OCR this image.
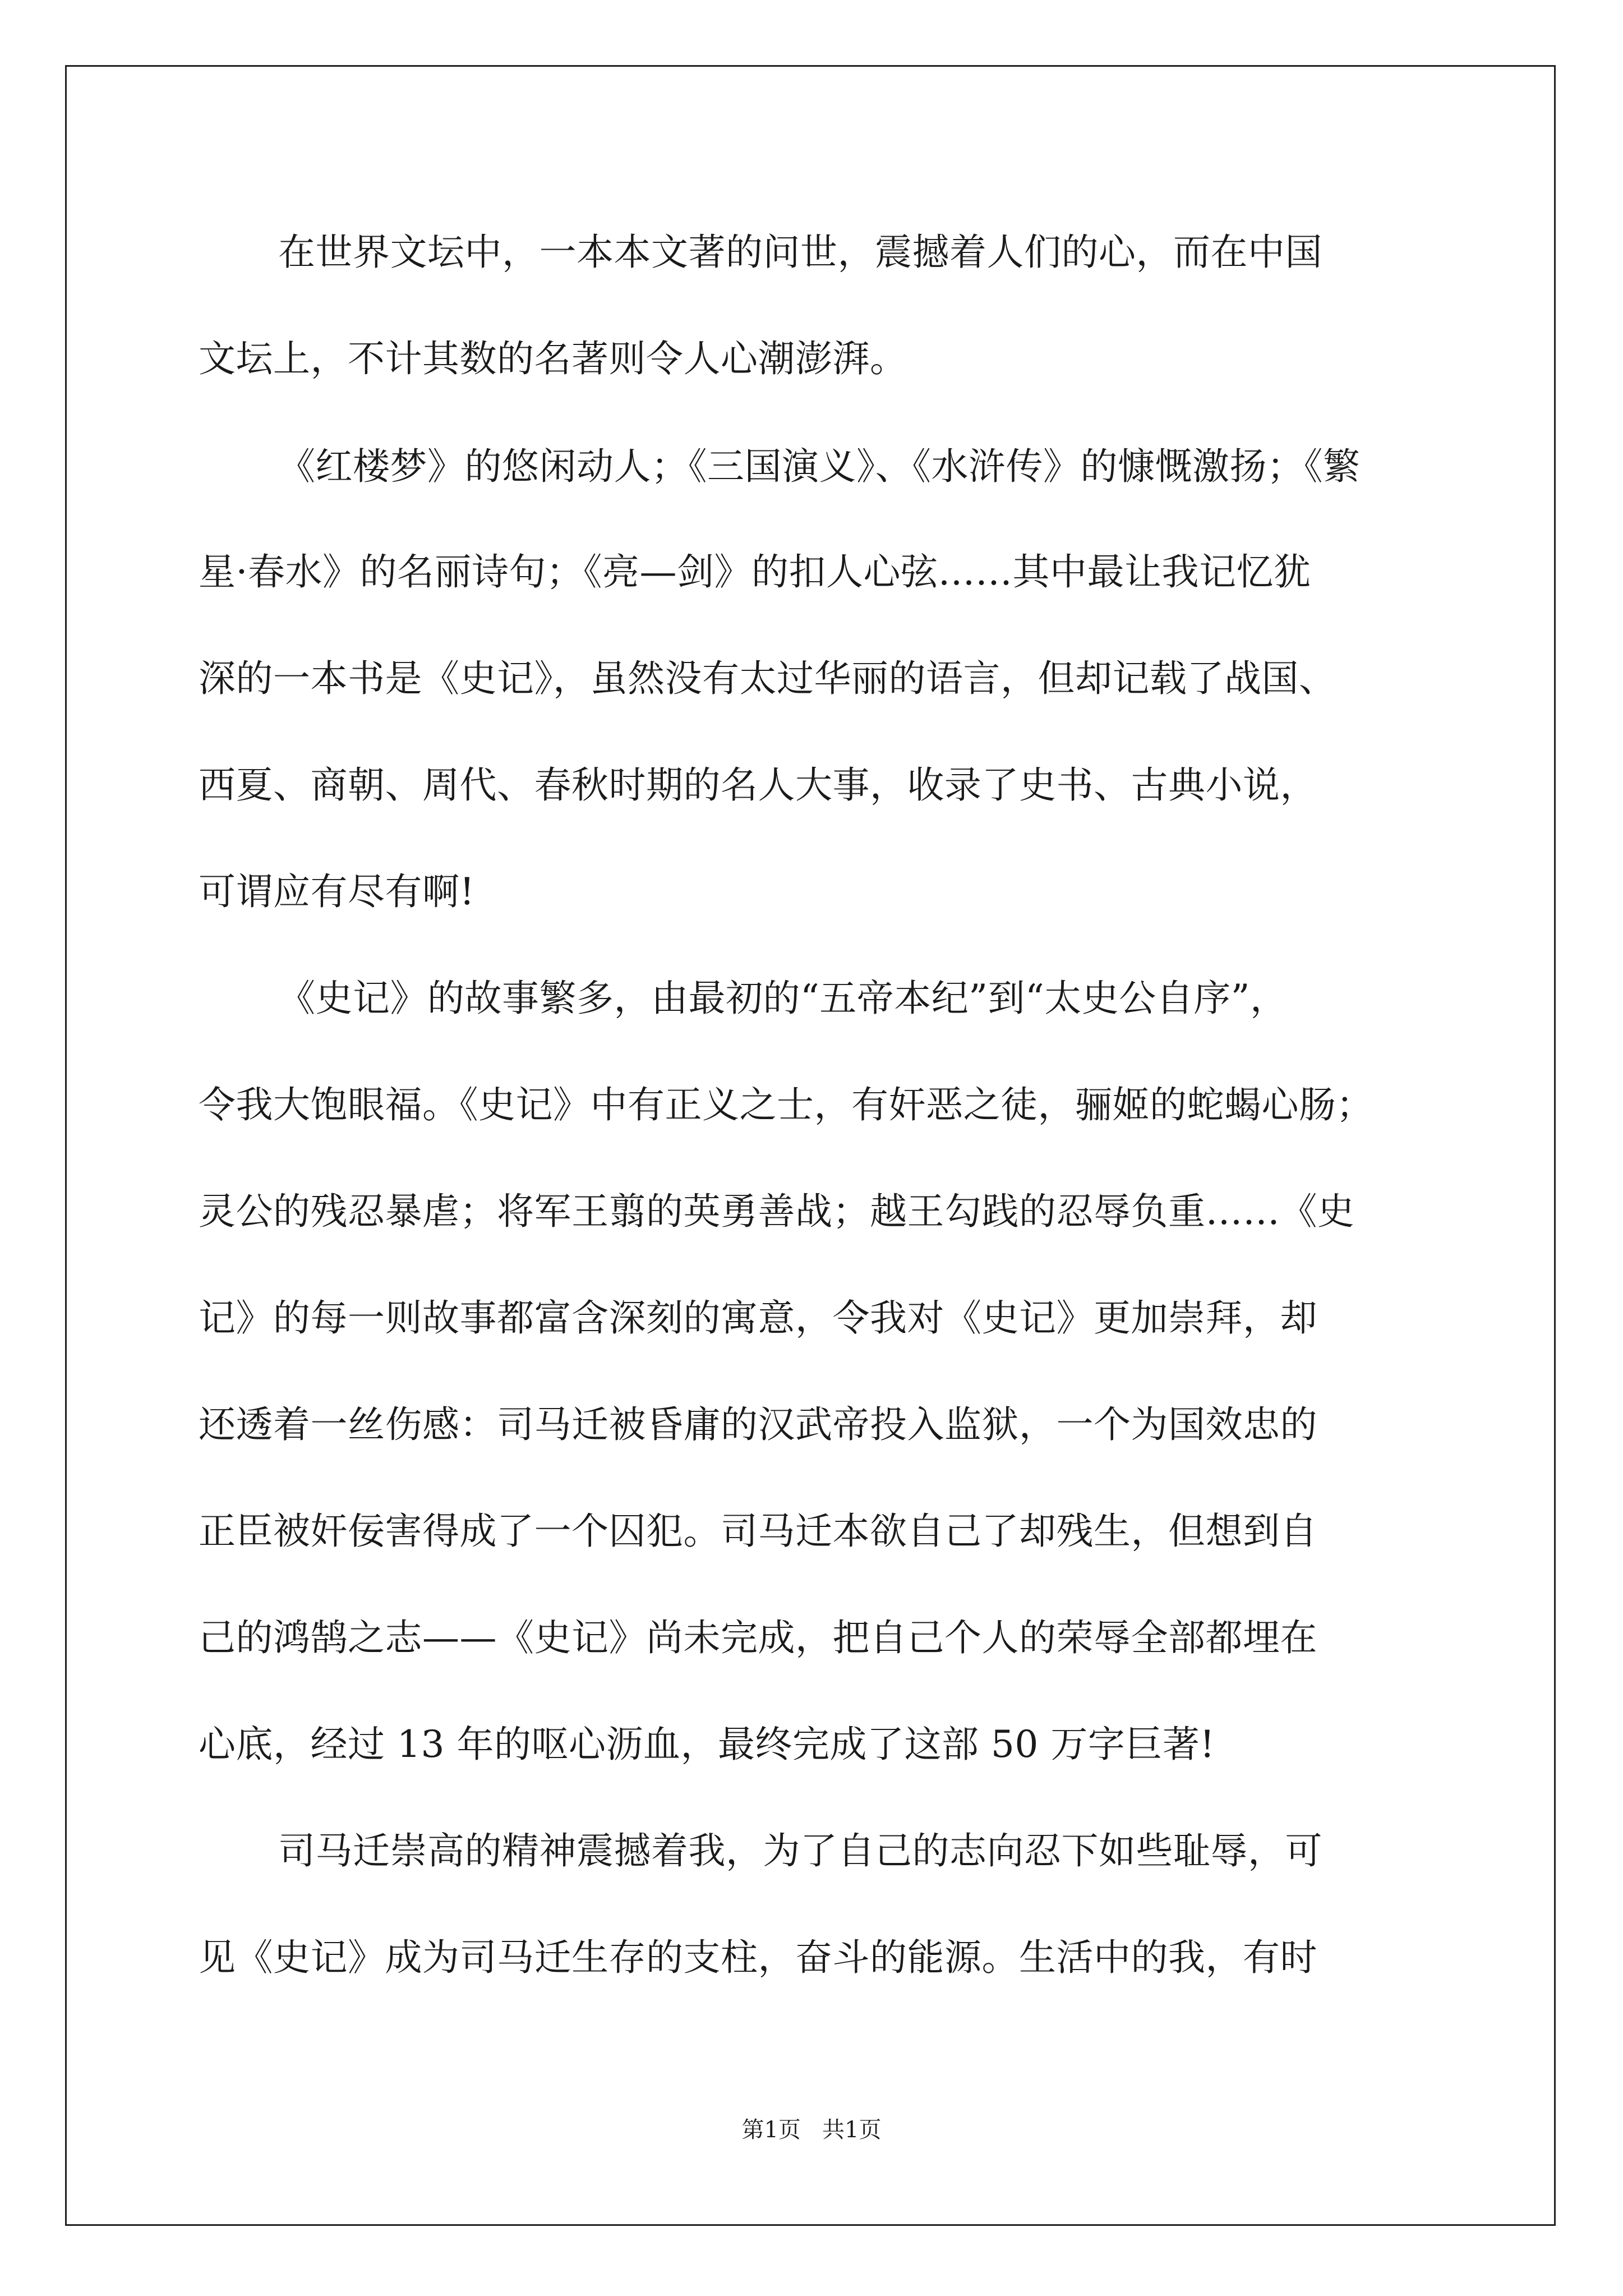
在世界文坛中，一本本文著的问世，震撼着人们的心，而在中国
文坛上，不计其数的名著则令人心潮澎湃。
《红楼梦》的悠闲动人；《三国演义》、《水浒传》的慷慨激扬；《繁
星·春水》的名丽诗句；《亮—剑》的扣人心弦……其中最让我记忆犹
深的一本书是《史记》，虽然没有太过华丽的语言，但却记载了战国、
西夏、商朝、周代、春秋时期的名人大事，收录了史书、古典小说，
可谓应有尽有啊!
《史记》的故事繁多，由最初的“五帝本纪”到“太史公自序”，
令我大饱眼福。《史记》中有正义之士，有奸恶之徒，骊姬的蛇蝎心肠；
灵公的残忍暴虐；将军王翦的英勇善战；越王勾践的忍辱负重……《史
记》的每一则故事都富含深刻的寓意，令我对《史记》更加崇拜，却
还透着一丝伤感：司马迁被昏庸的汉武帝投入监狱，一个为国效忠的
正臣被奸佞害得成了一个囚犯。司马迁本欲自己了却残生，但想到自
己的鸿鹄之志——《史记》尚未完成，把自己个人的荣辱全部都埋在
心底，经过 13 年的呕心沥血，最终完成了这部 50 万字巨著!
司马迁崇高的精神震撼着我，为了自己的志向忍下如些耻辱，可
见《史记》成为司马迁生存的支柱，奋斗的能源。生活中的我，有时
第1页   共1页
